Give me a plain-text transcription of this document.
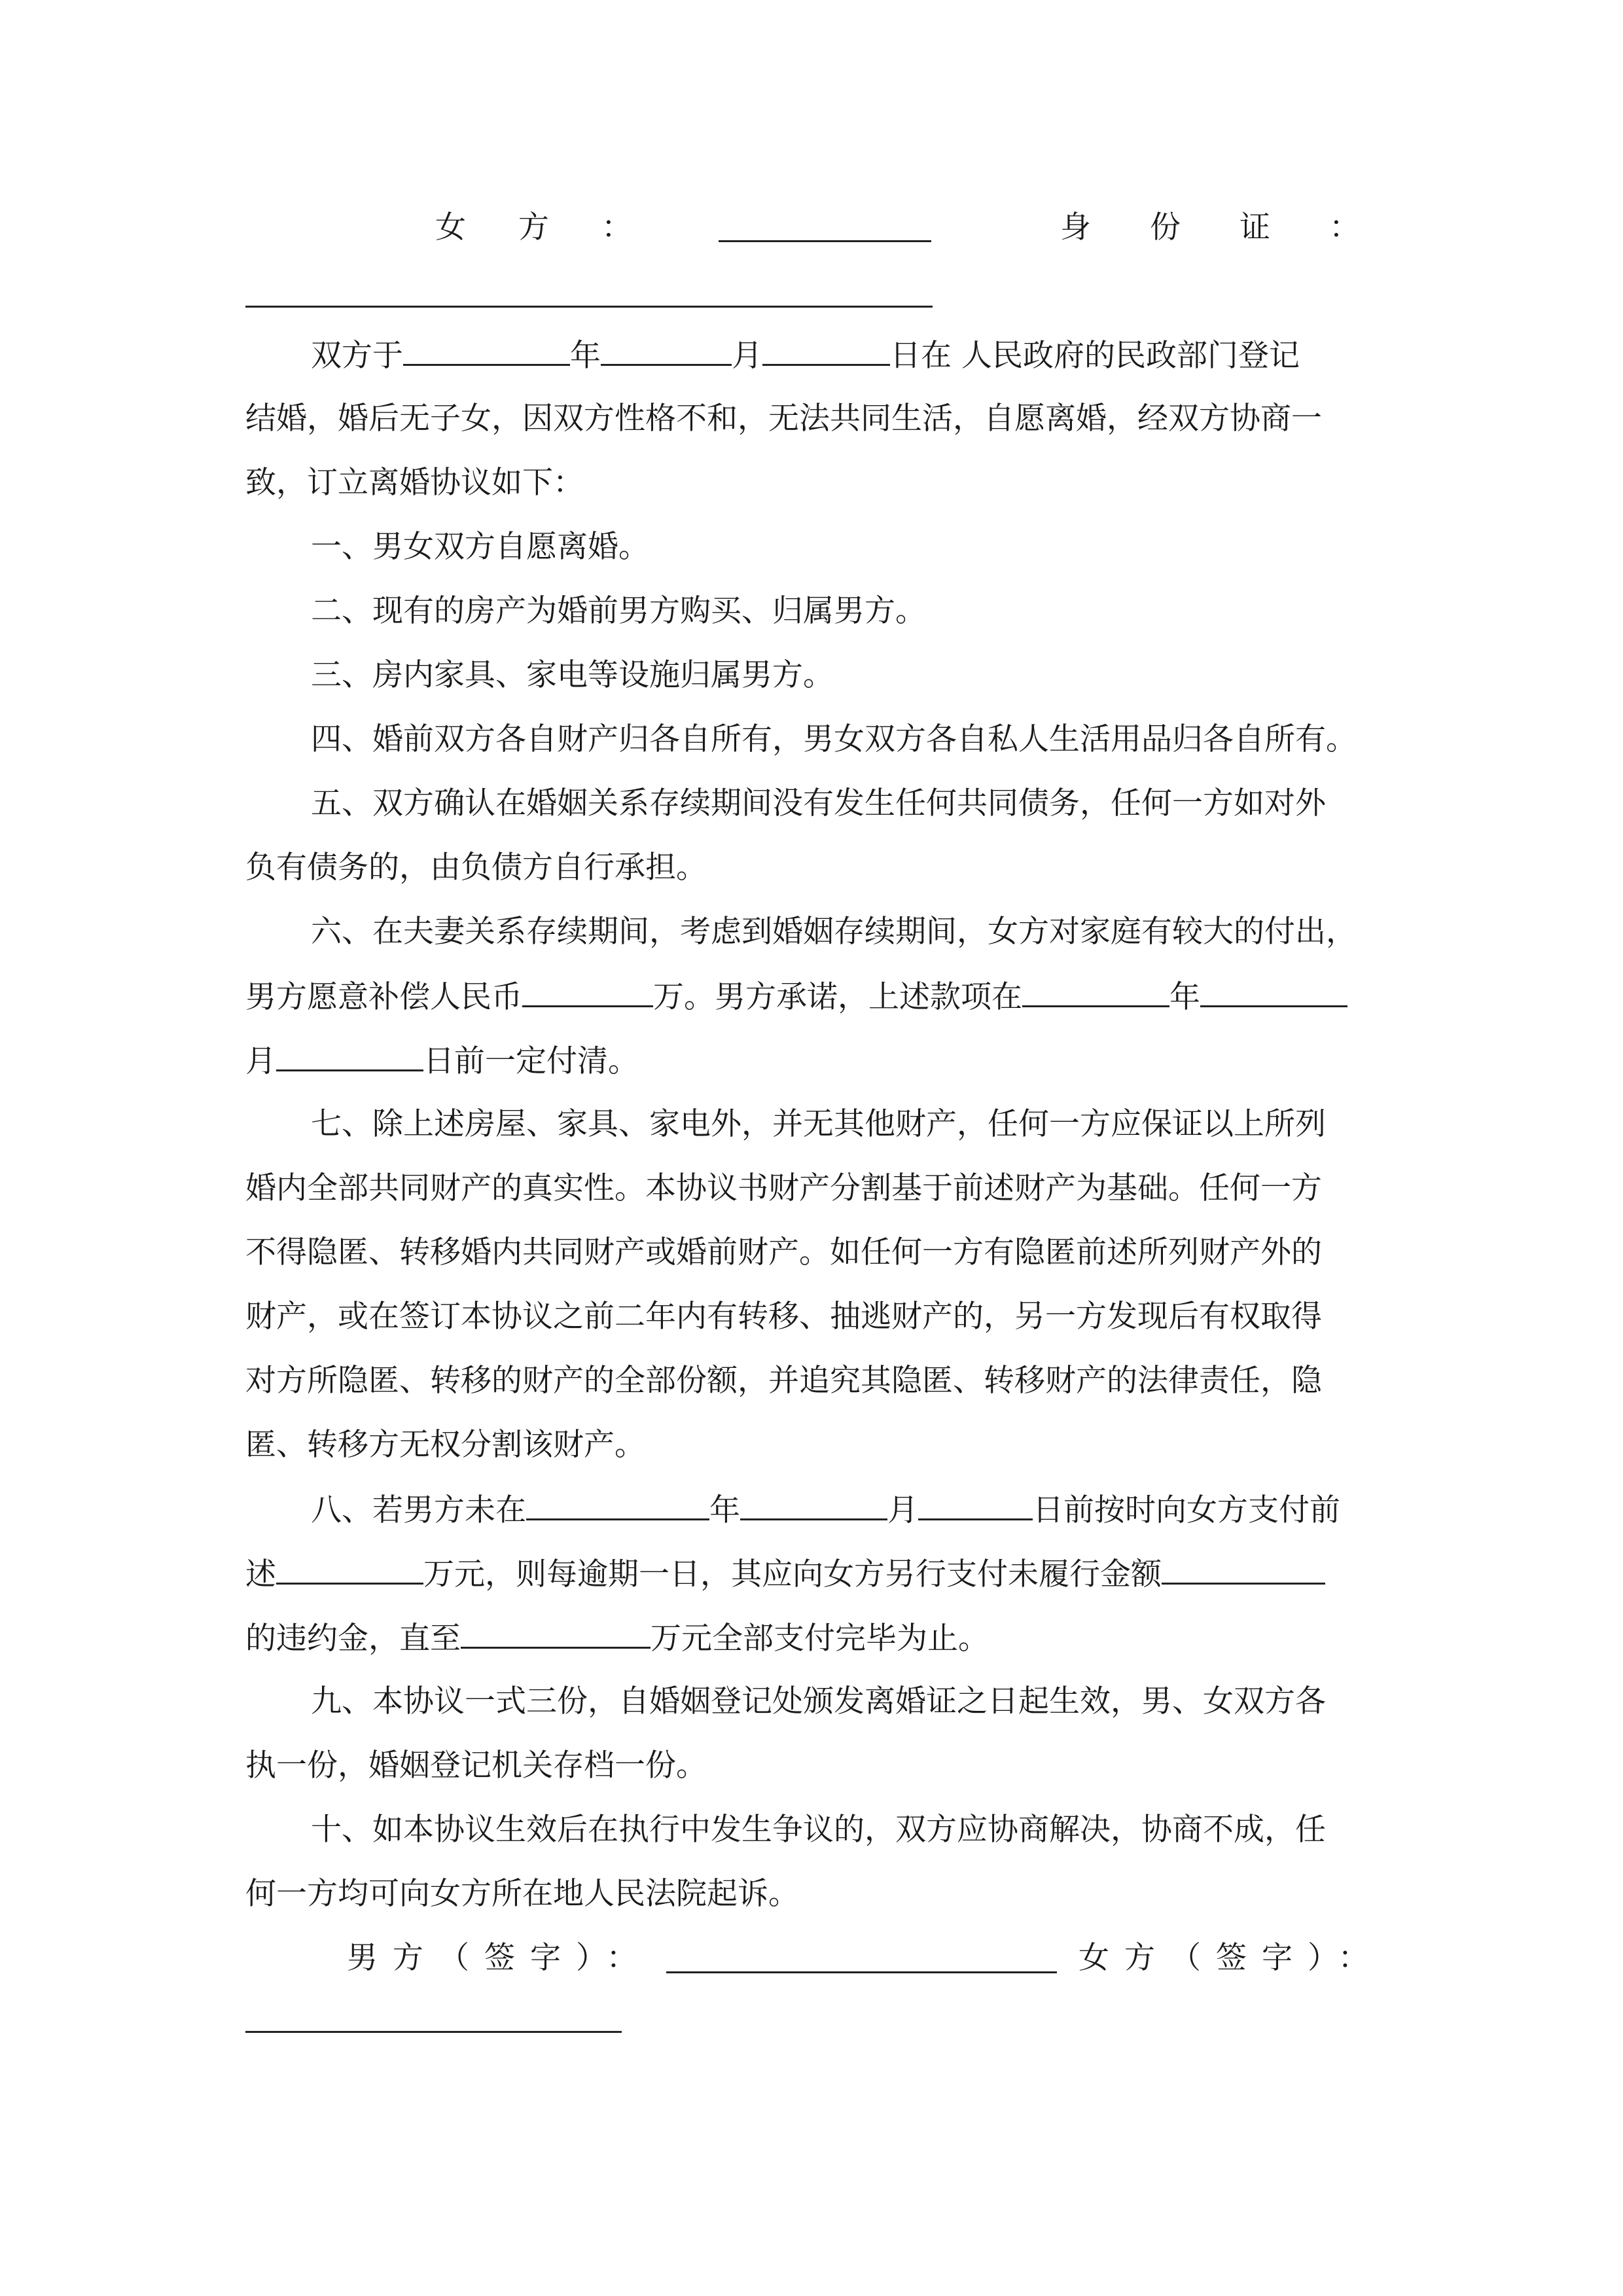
女方：	身份证：
双方于	年	月	日在 人民政府的民政部门登记
结婚，婚后无子女，因双方性格不和，无法共同生活，自愿离婚，经双方协商一
致，订立离婚协议如下：
一、男女双方自愿离婚。
二、现有的房产为婚前男方购买、归属男方。
三、房内家具、家电等设施归属男方。
四、婚前双方各自财产归各自所有，男女双方各自私人生活用品归各自所有。
五、双方确认在婚姻关系存续期间没有发生任何共同债务，任何一方如对外
负有债务的，由负债方自行承担。
六、在夫妻关系存续期间，考虑到婚姻存续期间，女方对家庭有较大的付出，
男方愿意补偿人民币	万。男方承诺，上述款项在	年
月	日前一定付清。
七、除上述房屋、家具、家电外，并无其他财产，任何一方应保证以上所列
婚内全部共同财产的真实性。本协议书财产分割基于前述财产为基础。任何一方
不得隐匿、转移婚内共同财产或婚前财产。如任何一方有隐匿前述所列财产外的
财产，或在签订本协议之前二年内有转移、抽逃财产的，另一方发现后有权取得
对方所隐匿、转移的财产的全部份额，并追究其隐匿、转移财产的法律责任，隐
匿、转移方无权分割该财产。
八、若男方未在	年	月	日前按时向女方支付前
述	万元，则每逾期一日，其应向女方另行支付未履行金额
的违约金，直至	万元全部支付完毕为止。
九、本协议一式三份，自婚姻登记处颁发离婚证之日起生效，男、女双方各
执一份，婚姻登记机关存档一份。
十、如本协议生效后在执行中发生争议的，双方应协商解决，协商不成，任
何一方均可向女方所在地人民法院起诉。
男方（签字）：	女方（签字）：
